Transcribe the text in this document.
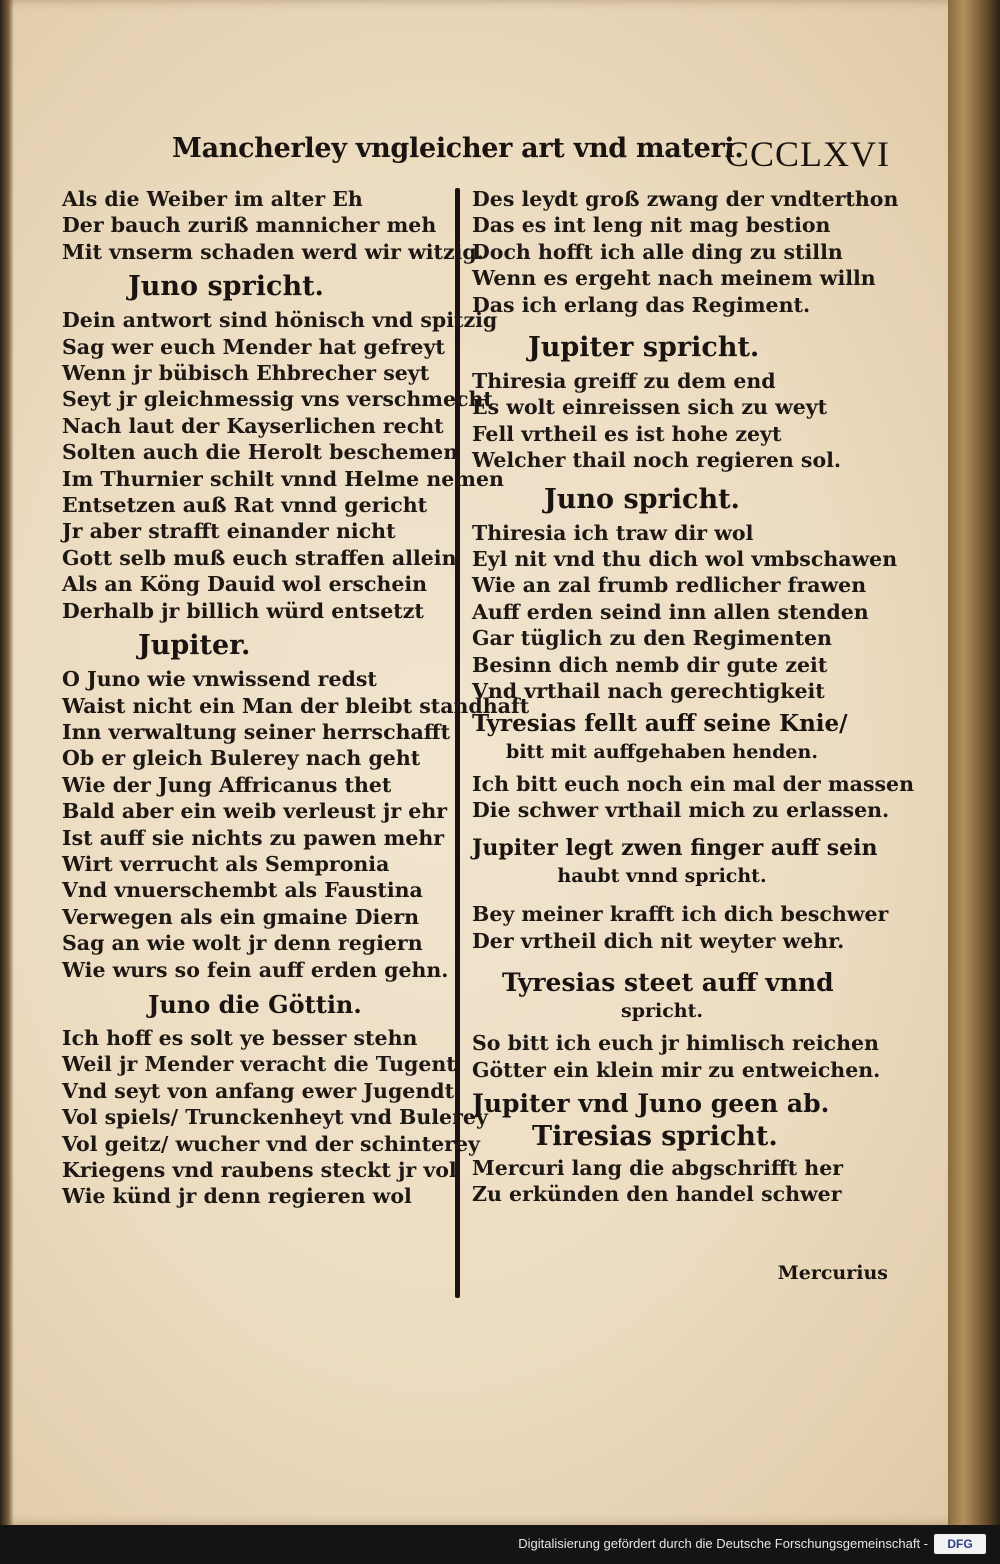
Mancherley vngleicher art vnd materi.
CCCLXVI
Als die Weiber im alter Eh
Der bauch zuriß mannicher meh
Mit vnserm schaden werd wir witzig.
Juno spricht.
Dein antwort sind hönisch vnd spitzig
Sag wer euch Mender hat gefreyt
Wenn jr bübisch Ehbrecher seyt
Seyt jr gleichmessig vns verschmecht
Nach laut der Kayserlichen recht
Solten auch die Herolt beschemen
Im Thurnier schilt vnnd Helme nemen
Entsetzen auß Rat vnnd gericht
Jr aber strafft einander nicht
Gott selb muß euch straffen allein
Als an Köng Dauid wol erschein
Derhalb jr billich würd entsetzt
Jupiter.
O Juno wie vnwissend redst
Waist nicht ein Man der bleibt standhaft
Inn verwaltung seiner herrschafft
Ob er gleich Bulerey nach geht
Wie der Jung Affricanus thet
Bald aber ein weib verleust jr ehr
Ist auff sie nichts zu pawen mehr
Wirt verrucht als Sempronia
Vnd vnuerschembt als Faustina
Verwegen als ein gmaine Diern
Sag an wie wolt jr denn regiern
Wie wurs so fein auff erden gehn.
Juno die Göttin.
Ich hoff es solt ye besser stehn
Weil jr Mender veracht die Tugent
Vnd seyt von anfang ewer Jugendt
Vol spiels/ Trunckenheyt vnd Bulerey
Vol geitz/ wucher vnd der schinterey
Kriegens vnd raubens steckt jr vol
Wie künd jr denn regieren wol
Des leydt groß zwang der vndterthon
Das es int leng nit mag bestion
Doch hofft ich alle ding zu stilln
Wenn es ergeht nach meinem willn
Das ich erlang das Regiment.
Jupiter spricht.
Thiresia greiff zu dem end
Es wolt einreissen sich zu weyt
Fell vrtheil es ist hohe zeyt
Welcher thail noch regieren sol.
Juno spricht.
Thiresia ich traw dir wol
Eyl nit vnd thu dich wol vmbschawen
Wie an zal frumb redlicher frawen
Auff erden seind inn allen stenden
Gar tüglich zu den Regimenten
Besinn dich nemb dir gute zeit
Vnd vrthail nach gerechtigkeit
Tyresias fellt auff seine Knie/
bitt mit auffgehaben henden.
Ich bitt euch noch ein mal der massen
Die schwer vrthail mich zu erlassen.
Jupiter legt zwen finger auff sein
haubt vnnd spricht.
Bey meiner krafft ich dich beschwer
Der vrtheil dich nit weyter wehr.
Tyresias steet auff vnnd
spricht.
So bitt ich euch jr himlisch reichen
Götter ein klein mir zu entweichen.
Jupiter vnd Juno geen ab.
Tiresias spricht.
Mercuri lang die abgschrifft her
Zu erkünden den handel schwer
Mercurius
Digitalisierung gefördert durch die Deutsche Forschungsgemeinschaft -	DFG
